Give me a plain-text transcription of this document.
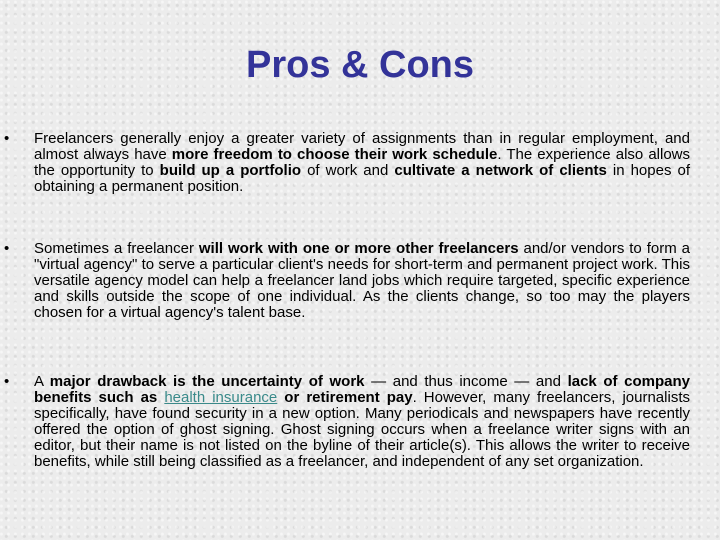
Pros & Cons
• Freelancers generally enjoy a greater variety of assignments than in regular employment, and almost always have more freedom to choose their work schedule. The experience also allows the opportunity to build up a portfolio of work and cultivate a network of clients in hopes of obtaining a permanent position.
• Sometimes a freelancer will work with one or more other freelancers and/or vendors to form a "virtual agency" to serve a particular client's needs for short-term and permanent project work. This versatile agency model can help a freelancer land jobs which require targeted, specific experience and skills outside the scope of one individual. As the clients change, so too may the players chosen for a virtual agency's talent base.
• A major drawback is the uncertainty of work — and thus income — and lack of company benefits such as health insurance or retirement pay. However, many freelancers, journalists specifically, have found security in a new option. Many periodicals and newspapers have recently offered the option of ghost signing. Ghost signing occurs when a freelance writer signs with an editor, but their name is not listed on the byline of their article(s). This allows the writer to receive benefits, while still being classified as a freelancer, and independent of any set organization.
